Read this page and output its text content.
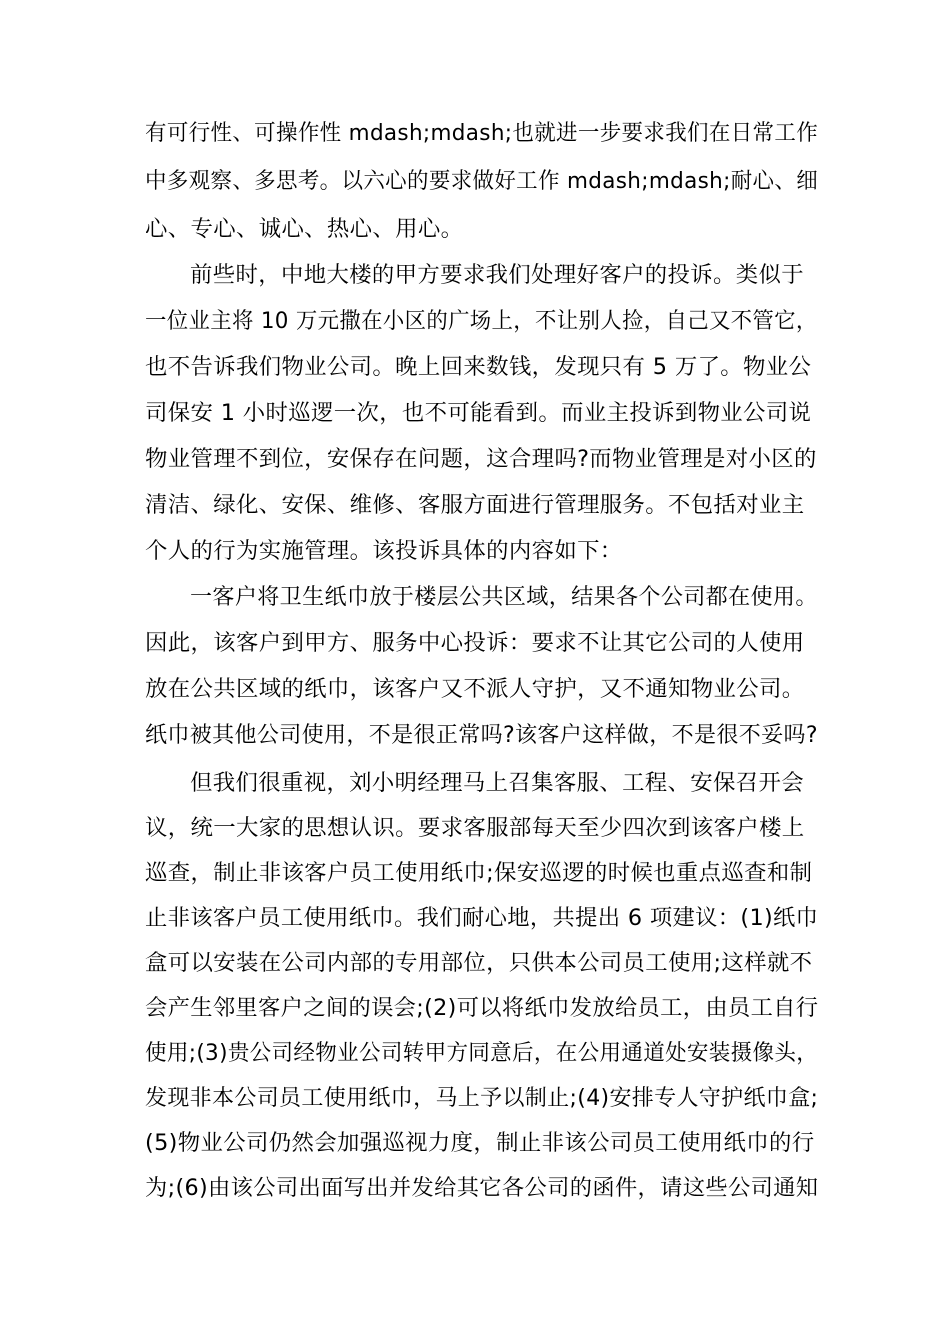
有可行性、可操作性 mdash;mdash;也就进一步要求我们在日常工作
中多观察、多思考。以六心的要求做好工作 mdash;mdash;耐心、细
心、专心、诚心、热心、用心。
前些时，中地大楼的甲方要求我们处理好客户的投诉。类似于
一位业主将 10 万元撒在小区的广场上，不让别人捡，自己又不管它，
也不告诉我们物业公司。晚上回来数钱，发现只有 5 万了。物业公
司保安 1 小时巡逻一次，也不可能看到。而业主投诉到物业公司说
物业管理不到位，安保存在问题，这合理吗?而物业管理是对小区的
清洁、绿化、安保、维修、客服方面进行管理服务。不包括对业主
个人的行为实施管理。该投诉具体的内容如下：
一客户将卫生纸巾放于楼层公共区域，结果各个公司都在使用。
因此，该客户到甲方、服务中心投诉：要求不让其它公司的人使用
放在公共区域的纸巾，该客户又不派人守护，又不通知物业公司。
纸巾被其他公司使用，不是很正常吗?该客户这样做，不是很不妥吗?
但我们很重视，刘小明经理马上召集客服、工程、安保召开会
议，统一大家的思想认识。要求客服部每天至少四次到该客户楼上
巡查，制止非该客户员工使用纸巾;保安巡逻的时候也重点巡查和制
止非该客户员工使用纸巾。我们耐心地，共提出 6 项建议：(1)纸巾
盒可以安装在公司内部的专用部位，只供本公司员工使用;这样就不
会产生邻里客户之间的误会;(2)可以将纸巾发放给员工，由员工自行
使用;(3)贵公司经物业公司转甲方同意后，在公用通道处安装摄像头，
发现非本公司员工使用纸巾，马上予以制止;(4)安排专人守护纸巾盒;
(5)物业公司仍然会加强巡视力度，制止非该公司员工使用纸巾的行
为;(6)由该公司出面写出并发给其它各公司的函件，请这些公司通知
